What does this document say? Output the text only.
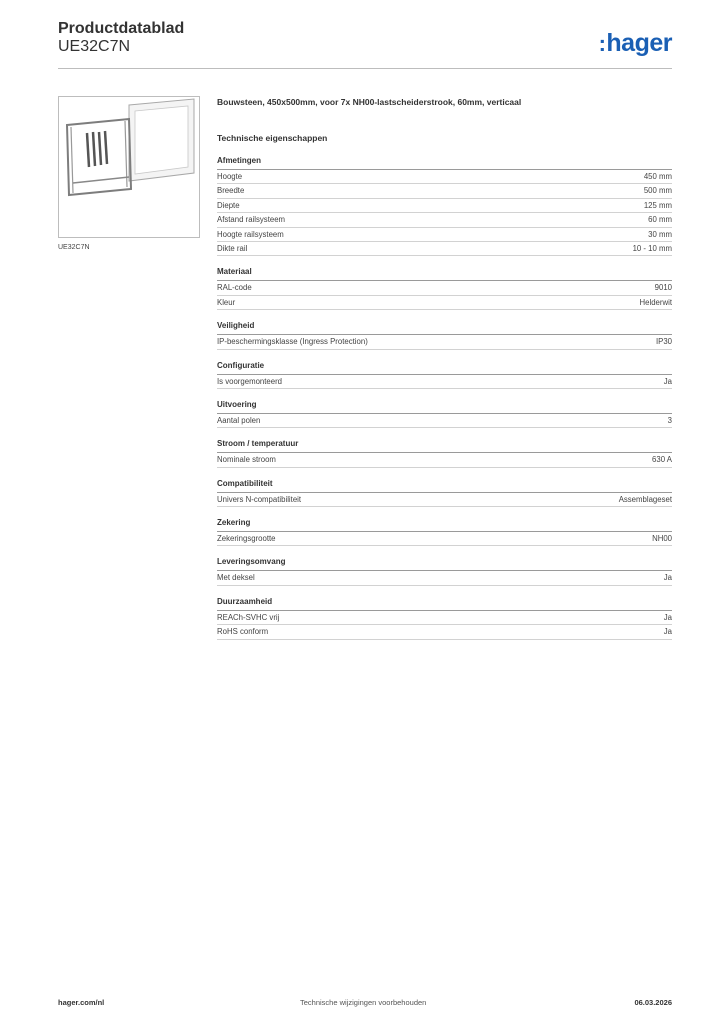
Productdatablad
UE32C7N	:hager
UE32C7N
Bouwsteen, 450x500mm, voor 7x NH00-lastscheiderstrook, 60mm, verticaal
Technische eigenschappen
Afmetingen
Hoogte	450 mm
Breedte	500 mm
Diepte	125 mm
Afstand railsysteem	60 mm
Hoogte railsysteem	30 mm
Dikte rail	10 - 10 mm
Materiaal
RAL-code	9010
Kleur	Helderwit
Veiligheid
IP-beschermingsklasse (Ingress Protection)	IP30
Configuratie
Is voorgemonteerd	Ja
Uitvoering
Aantal polen	3
Stroom / temperatuur
Nominale stroom	630 A
Compatibiliteit
Univers N-compatibiliteit	Assemblageset
Zekering
Zekeringsgrootte	NH00
Leveringsomvang
Met deksel	Ja
Duurzaamheid
REACh-SVHC vrij	Ja
RoHS conform	Ja
hager.com/nl	Technische wijzigingen voorbehouden	06.03.2026
